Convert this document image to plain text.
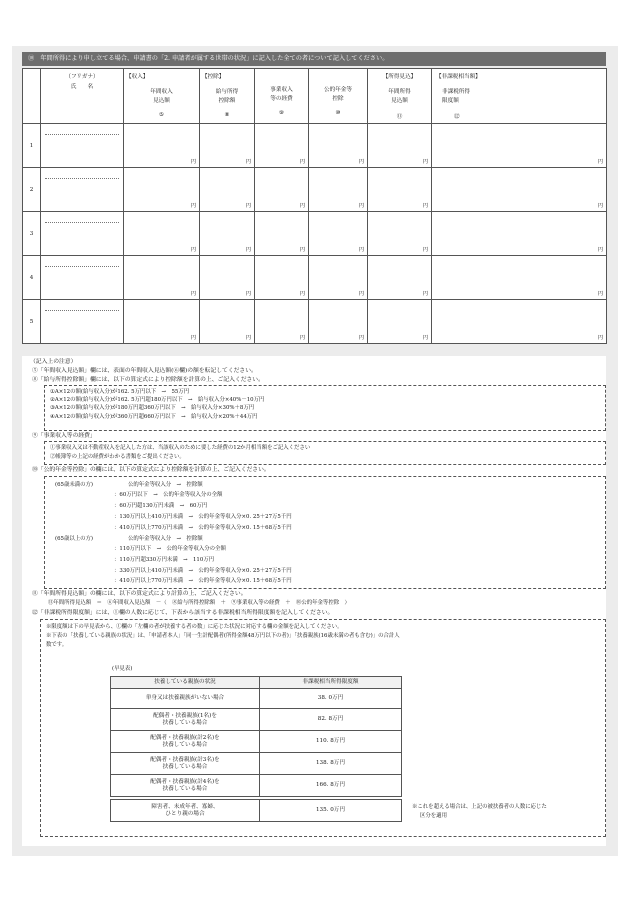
⑩　年間所得により申し立てる場合、申請書の「2. 申請者が属する世帯の状況」に記入した全ての者について記入してください。

	（フリガナ）
氏　　名	【収入】
年間収入
見込額
⑤	【控除】
給与所得
控除額
⑧	事業収入
等の経費
⑨	公的年金等
控除
⑩	【所得見込】
年間所得
見込額
⑪	【非課税相当額】
非課税所得
限度額
⑫

1		円	円	円	円	円	円

2		円	円	円	円	円	円

3		円	円	円	円	円	円

4		円	円	円	円	円	円

5		円	円	円	円	円	円
（記入上の注意）
⑤「年間収入見込額」欄には、表面の年間収入見込額(⑥欄)の額を転記してください。
⑧「給与所得控除額」欄には、以下の算定式により控除額を計算の上、ご記入ください。
①A×12の額(給与収入分)が162. 5万円以下　→　55万円
②A×12の額(給与収入分)が162. 5万円超180万円以下　→　給与収入分×40%－10万円
③A×12の額(給与収入分)が180万円超360万円以下　→　給与収入分×30%＋8万円
④A×12の額(給与収入分)が360万円超660万円以下　→　給与収入分×20%＋44万円
⑨「事業収入等の経費」
①事業収入又は不動産収入を記入した方は、当該収入のために要した経費の12か月相当額をご記入ください
②帳簿等の上記の経費がわかる書類をご提出ください。
⑩「公的年金等控除」の欄には、以下の算定式により控除額を計算の上、ご記入ください。
(65歳未満の方)	公的年金等収入分　→　控除額
：60万円以下　→　公的年金等収入分の全額
：60万円超130万円未満　→　60万円
：130万円以上410万円未満　→　公的年金等収入分×0. 25＋27万5千円
：410万円以上770万円未満　→　公的年金等収入分×0. 15＋68万5千円
(65歳以上の方)	公的年金等収入分　→　控除額
：110万円以下　→　公的年金等収入分の全額
：110万円超330万円未満　→　110万円
：330万円以上410万円未満　→　公的年金等収入分×0. 25＋27万5千円
：410万円以上770万円未満　→　公的年金等収入分×0. 15＋68万5千円
⑪「年間所得見込額」の欄には、以下の算定式により計算の上、ご記入ください。
⑪年間所得見込額　＝　⑥年間収入見込額　－（　⑧給与所得控除額　＋　⑨事業収入等の経費　＋　⑩公的年金等控除　）
⑫「非課税所得限度額」には、①欄の人数に応じて、下表から該当する非課税相当所得限度額を記入してください。
※限度額は下の早見表から、①欄の「左欄の者が扶養する者の数」に応じた状況に対応する欄の金額を記入してください。
※下表の「扶養している親族の状況」は、「申請者本人」「同一生計配偶者(所得金額48万円以下の者)」「扶養親族(16歳未満の者も含む)」の合計人
数です。
(早見表)
扶養している親族の状況	非課税相当所得限度額
単身又は扶養親族がいない場合	38. 0万円
配偶者・扶養親族(1名)を
扶養している場合	82. 8万円
配偶者・扶養親族(計2名)を
扶養している場合	110. 8万円
配偶者・扶養親族(計3名)を
扶養している場合	138. 8万円
配偶者・扶養親族(計4名)を
扶養している場合	166. 8万円

障害者、未成年者、寡婦、
ひとり親の場合	135. 0万円	※これを超える場合は、上記の被扶養者の人数に応じた
区分を適用
